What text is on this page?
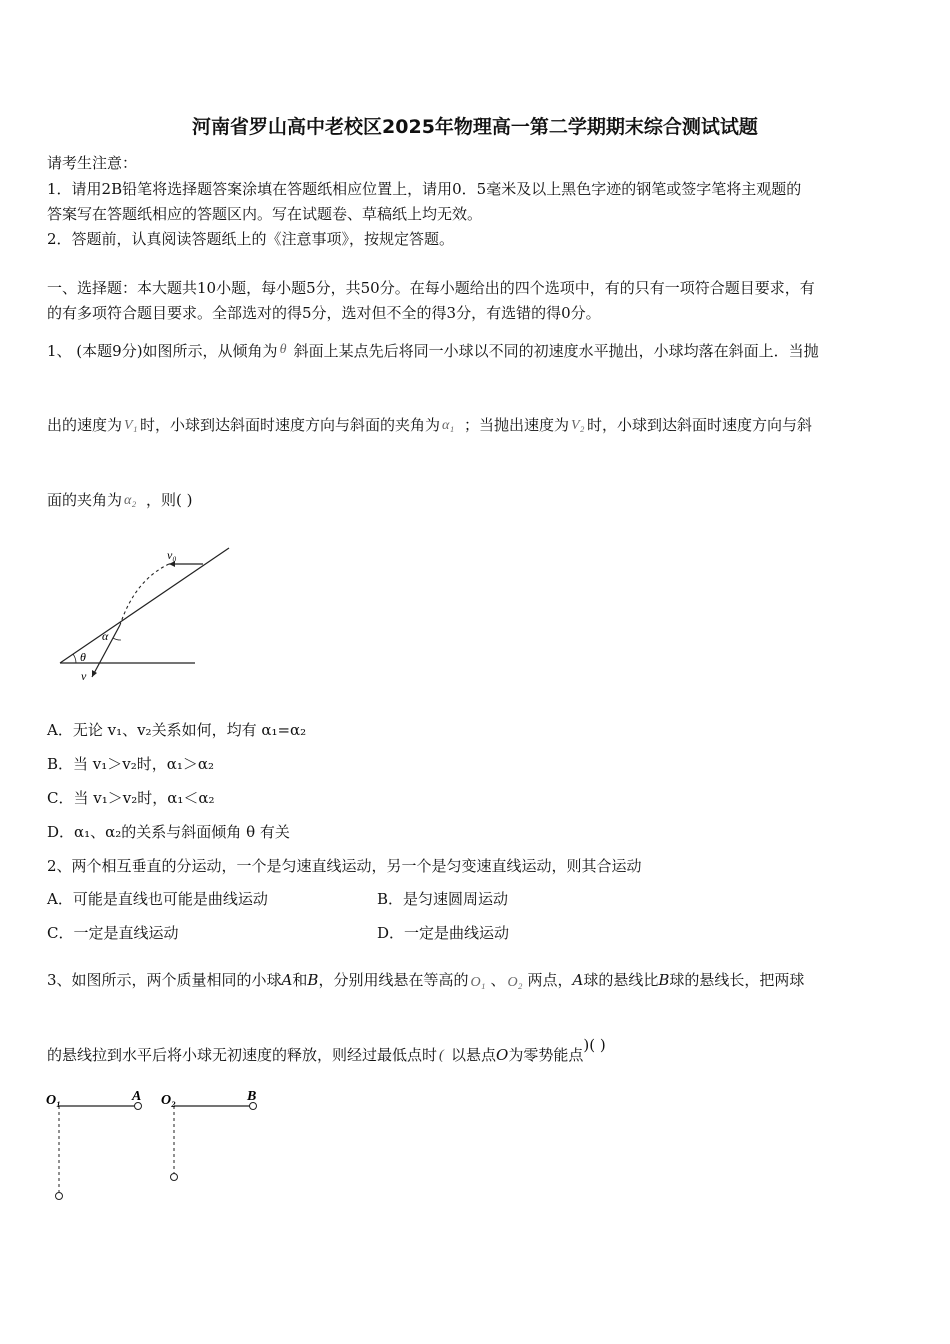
河南省罗山高中老校区2025年物理高一第二学期期末综合测试试题
请考生注意：
1．请用2B铅笔将选择题答案涂填在答题纸相应位置上，请用0．5毫米及以上黑色字迹的钢笔或签字笔将主观题的
答案写在答题纸相应的答题区内。写在试题卷、草稿纸上均无效。
2．答题前，认真阅读答题纸上的《注意事项》，按规定答题。
一、选择题：本大题共10小题，每小题5分，共50分。在每小题给出的四个选项中，有的只有一项符合题目要求，有
的有多项符合题目要求。全部选对的得5分，选对但不全的得3分，有选错的得0分。
1、 (本题9分)如图所示，从倾角为 θ 斜面上某点先后将同一小球以不同的初速度水平抛出，小球均落在斜面上．当抛
出的速度为 V₁ 时，小球到达斜面时速度方向与斜面的夹角为 α₁ ；当抛出速度为 V₂ 时，小球到达斜面时速度方向与斜
面的夹角为 α₂ ，则( )
v₀
α
θ
v
A．无论 v₁、v₂关系如何，均有 α₁=α₂
B．当 v₁＞v₂时，α₁＞α₂
C．当 v₁＞v₂时，α₁＜α₂
D．α₁、α₂的关系与斜面倾角 θ 有关
2、两个相互垂直的分运动，一个是匀速直线运动，另一个是匀变速直线运动，则其合运动
A．可能是直线也可能是曲线运动	B．是匀速圆周运动
C．一定是直线运动	D．一定是曲线运动
3、如图所示，两个质量相同的小球A和B，分别用线悬在等高的 O₁ 、 O₂ 两点，A球的悬线比B球的悬线长，把两球
的悬线拉到水平后将小球无初速度的释放，则经过最低点时 ( 以悬点O为零势能点)( )
O₁	A O₂	B
